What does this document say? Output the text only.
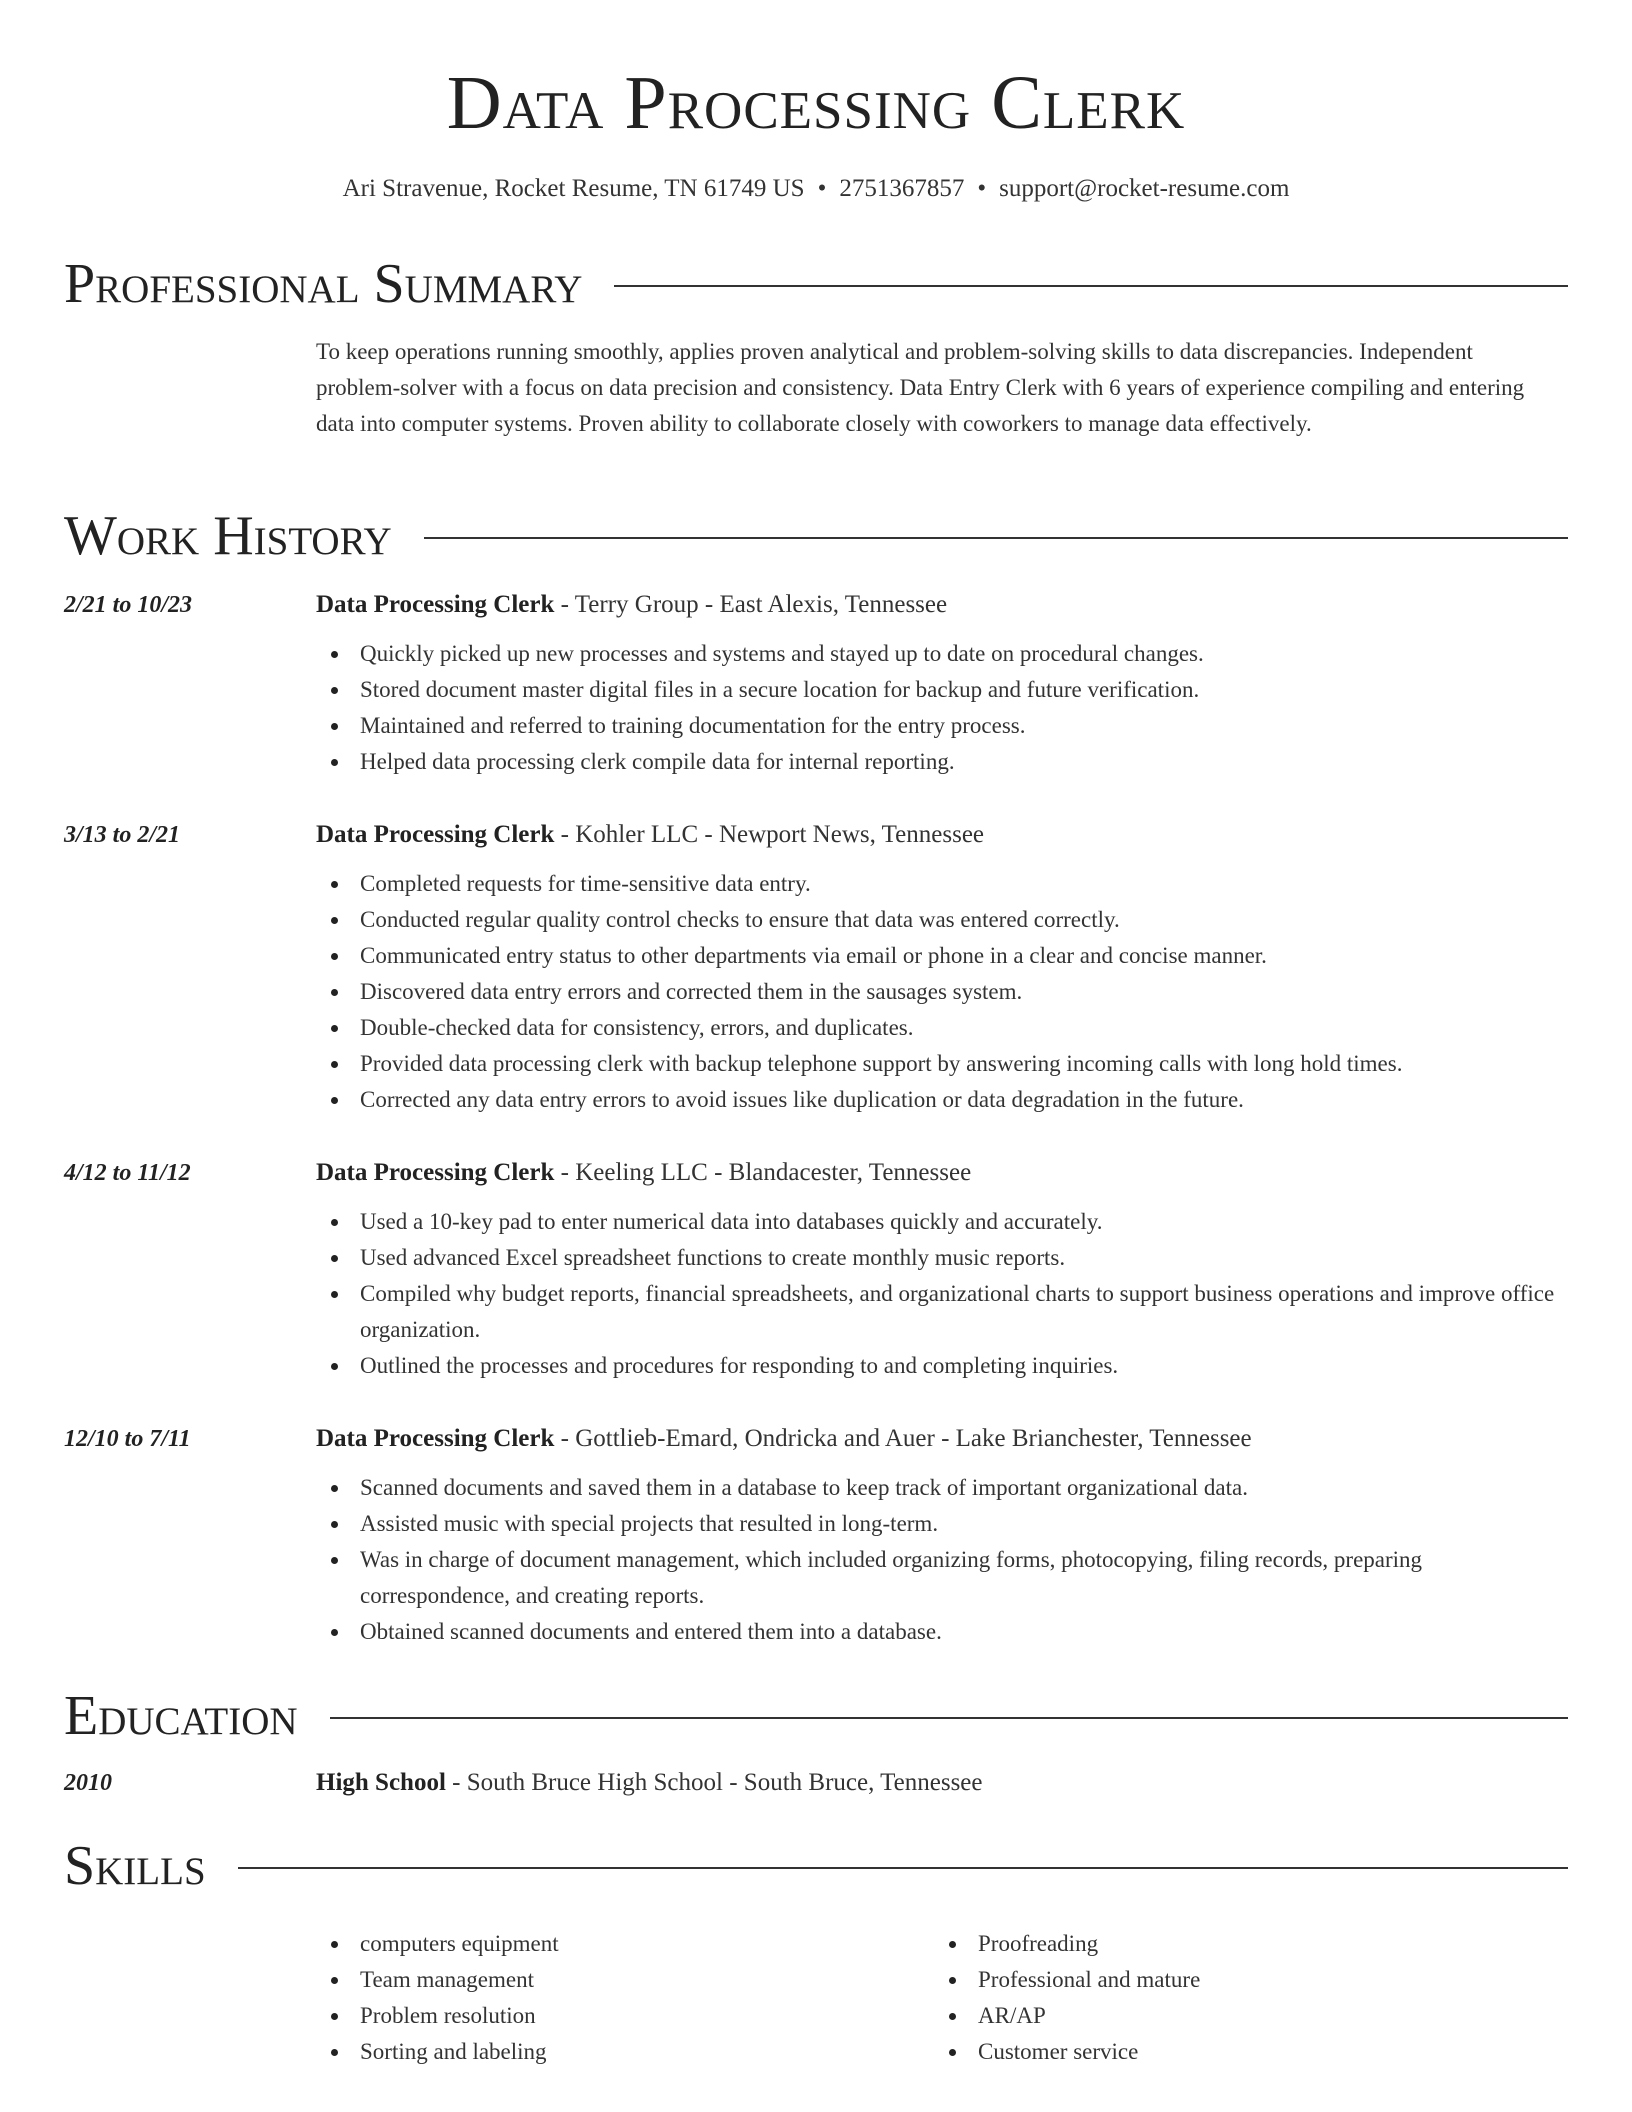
Data Processing Clerk
Ari Stravenue, Rocket Resume, TN 61749 US • 2751367857 • support@rocket-resume.com
Professional Summary
To keep operations running smoothly, applies proven analytical and problem-solving skills to data discrepancies. Independent problem-solver with a focus on data precision and consistency. Data Entry Clerk with 6 years of experience compiling and entering data into computer systems. Proven ability to collaborate closely with coworkers to manage data effectively.
Work History
2/21 to 10/23	Data Processing Clerk - Terry Group - East Alexis, Tennessee
Quickly picked up new processes and systems and stayed up to date on procedural changes.
Stored document master digital files in a secure location for backup and future verification.
Maintained and referred to training documentation for the entry process.
Helped data processing clerk compile data for internal reporting.
3/13 to 2/21	Data Processing Clerk - Kohler LLC - Newport News, Tennessee
Completed requests for time-sensitive data entry.
Conducted regular quality control checks to ensure that data was entered correctly.
Communicated entry status to other departments via email or phone in a clear and concise manner.
Discovered data entry errors and corrected them in the sausages system.
Double-checked data for consistency, errors, and duplicates.
Provided data processing clerk with backup telephone support by answering incoming calls with long hold times.
Corrected any data entry errors to avoid issues like duplication or data degradation in the future.
4/12 to 11/12	Data Processing Clerk - Keeling LLC - Blandacester, Tennessee
Used a 10-key pad to enter numerical data into databases quickly and accurately.
Used advanced Excel spreadsheet functions to create monthly music reports.
Compiled why budget reports, financial spreadsheets, and organizational charts to support business operations and improve office organization.
Outlined the processes and procedures for responding to and completing inquiries.
12/10 to 7/11	Data Processing Clerk - Gottlieb-Emard, Ondricka and Auer - Lake Brianchester, Tennessee
Scanned documents and saved them in a database to keep track of important organizational data.
Assisted music with special projects that resulted in long-term.
Was in charge of document management, which included organizing forms, photocopying, filing records, preparing correspondence, and creating reports.
Obtained scanned documents and entered them into a database.
Education
2010	High School - South Bruce High School - South Bruce, Tennessee
Skills
computers equipment
Team management
Problem resolution
Sorting and labeling
Proofreading
Professional and mature
AR/AP
Customer service
